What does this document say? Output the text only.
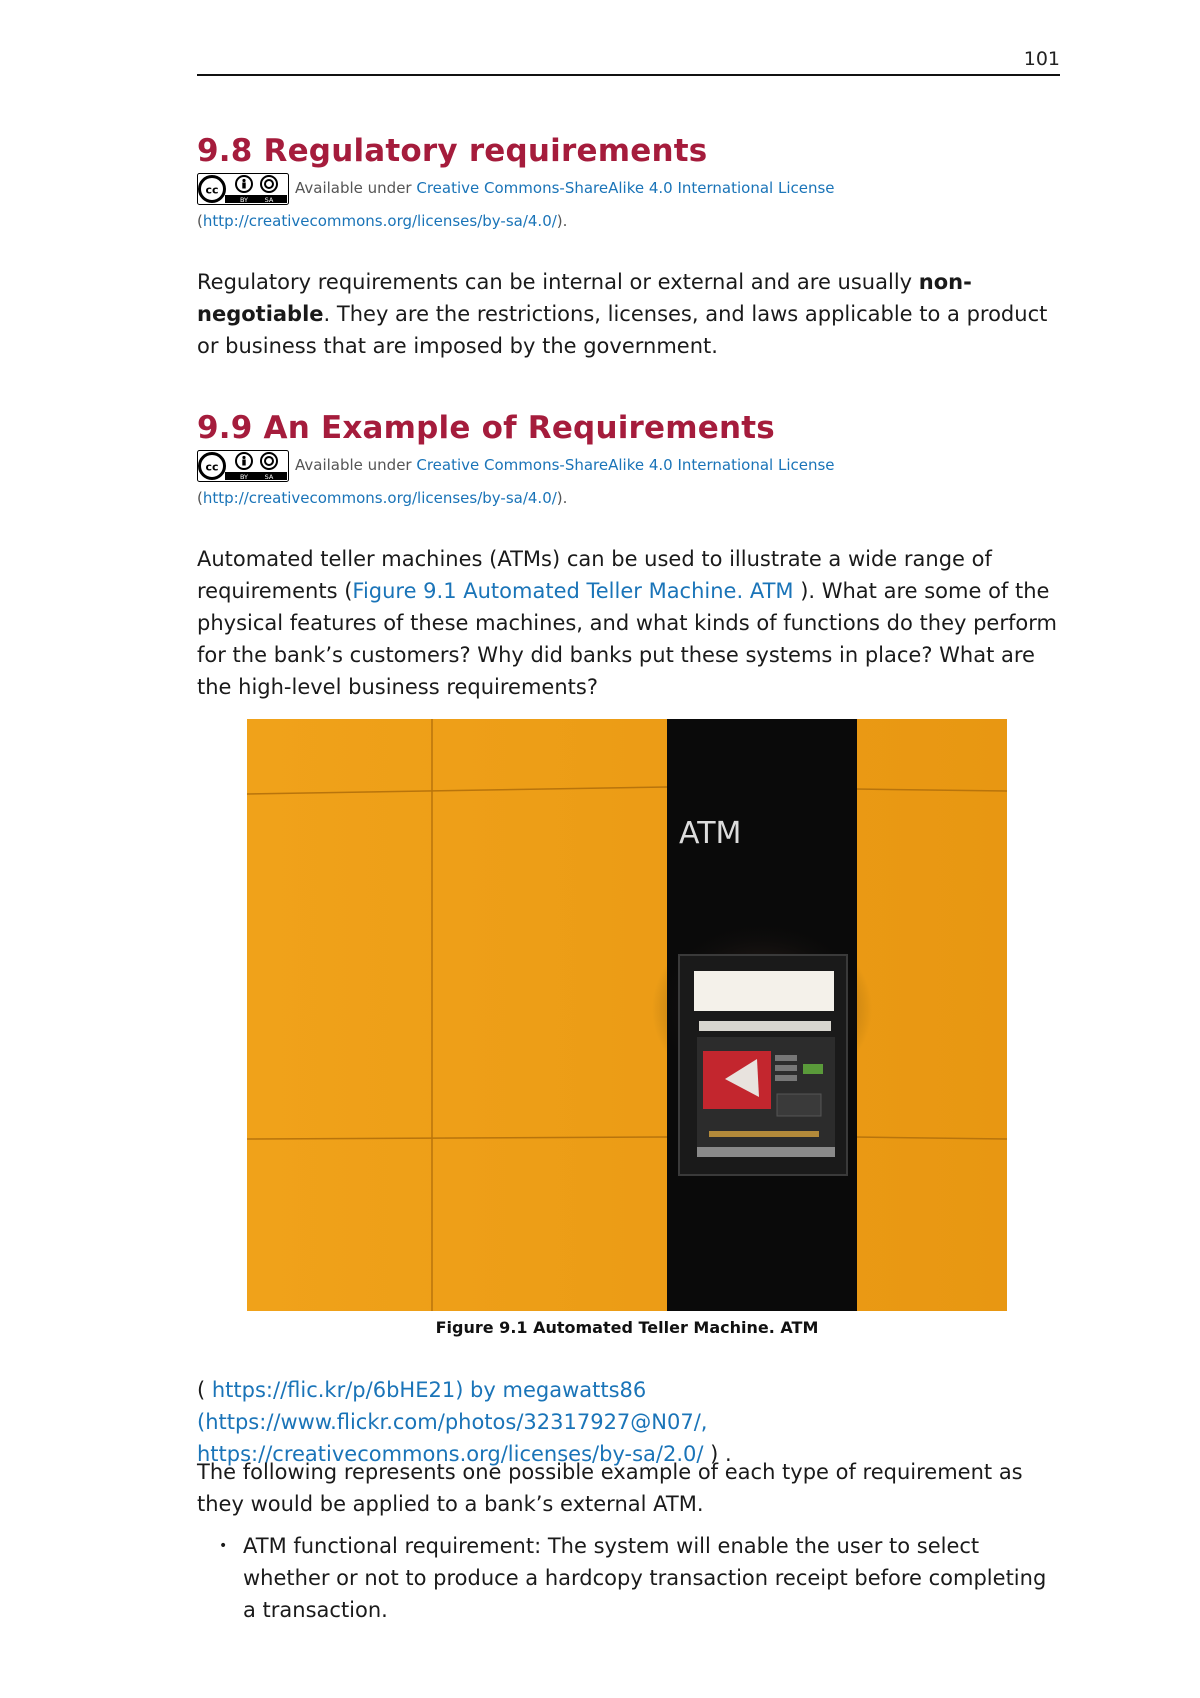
101
9.8 Regulatory requirements
cc
BY	SA
Available under Creative Commons-ShareAlike 4.0 International License (http://creativecommons.org/licenses/by-sa/4.0/).

Regulatory requirements can be internal or external and are usually non-negotiable. They are the restrictions, licenses, and laws applicable to a product or business that are imposed by the government.

9.9 An Example of Requirements
cc
BY	SA
Available under Creative Commons-ShareAlike 4.0 International License (http://creativecommons.org/licenses/by-sa/4.0/).

Automated teller machines (ATMs) can be used to illustrate a wide range of requirements (Figure 9.1 Automated Teller Machine. ATM ). What are some of the physical features of these machines, and what kinds of functions do they perform for the bank’s customers? Why did banks put these systems in place? What are the high-level business requirements?

ATM
Figure 9.1 Automated Teller Machine. ATM

( https://flic.kr/p/6bHE21) by megawatts86 (https://www.flickr.com/photos/32317927@N07/, https://creativecommons.org/licenses/by-sa/2.0/ ) .

The following represents one possible example of each type of requirement as they would be applied to a bank’s external ATM.

• ATM functional requirement: The system will enable the user to select whether or not to produce a hardcopy transaction receipt before completing a transaction.
